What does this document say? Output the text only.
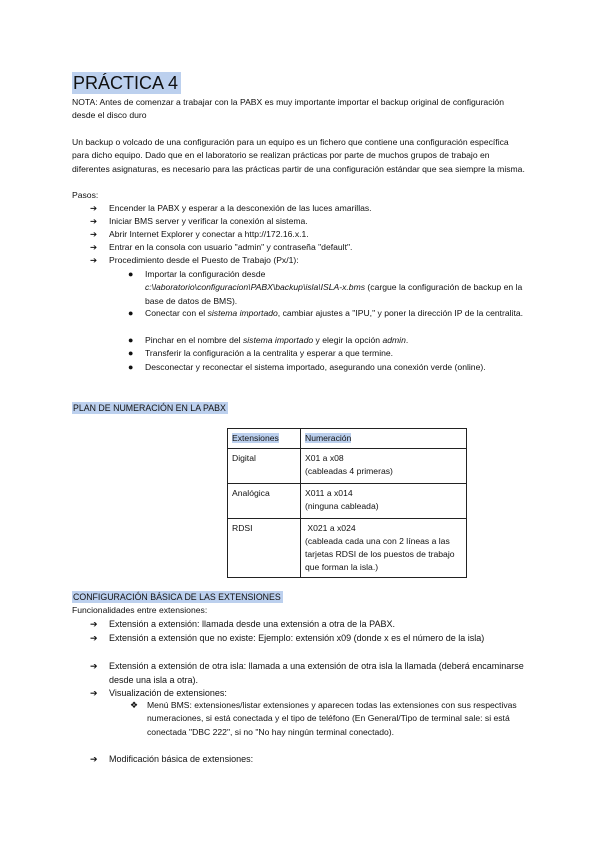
PRÁCTICA 4
NOTA: Antes de comenzar a trabajar con la PABX es muy importante importar el backup original de configuración desde el disco duro
Un backup o volcado de una configuración para un equipo es un fichero que contiene una configuración específica para dicho equipo. Dado que en el laboratorio se realizan prácticas por parte de muchos grupos de trabajo en diferentes asignaturas, es necesario para las prácticas partir de una configuración estándar que sea siempre la misma.
Pasos:
➔	Encender la PABX y esperar a la desconexión de las luces amarillas.
➔	Iniciar BMS server y verificar la conexión al sistema.
➔	Abrir Internet Explorer y conectar a http://172.16.x.1.
➔	Entrar en la consola con usuario "admin" y contraseña "default".
➔	Procedimiento desde el Puesto de Trabajo (Px/1):
● Importar la configuración desde
c:\laboratorio\configuracion\PABX\backup\isla\ISLA-x.bms (cargue la configuración de backup en la base de datos de BMS).
● Conectar con el sistema importado, cambiar ajustes a "IPU," y poner la dirección IP de la centralita.
● Pinchar en el nombre del sistema importado y elegir la opción admin.
● Transferir la configuración a la centralita y esperar a que termine.
● Desconectar y reconectar el sistema importado, asegurando una conexión verde (online).
PLAN DE NUMERACIÓN EN LA PABX
Extensiones	Numeración
Digital	X01 a x08
(cableadas 4 primeras)

Analógica	X011 a x014
(ninguna cableada)

RDSI	X021 a x024
(cableada cada una con 2 líneas a las tarjetas RDSI de los puestos de trabajo que forman la isla.)
CONFIGURACIÓN BÁSICA DE LAS EXTENSIONES
Funcionalidades entre extensiones:
➔ Extensión a extensión: llamada desde una extensión a otra de la PABX.
➔ Extensión a extensión que no existe: Ejemplo: extensión x09 (donde x es el número de la isla)
➔ Extensión a extensión de otra isla: llamada a una extensión de otra isla la llamada (deberá encaminarse desde una isla a otra).
➔ Visualización de extensiones:
❖ Menú BMS: extensiones/listar extensiones y aparecen todas las extensiones con sus respectivas numeraciones, si está conectada y el tipo de teléfono (En General/Tipo de terminal sale: si está conectada "DBC 222", si no "No hay ningún terminal conectado).
➔ Modificación básica de extensiones:
